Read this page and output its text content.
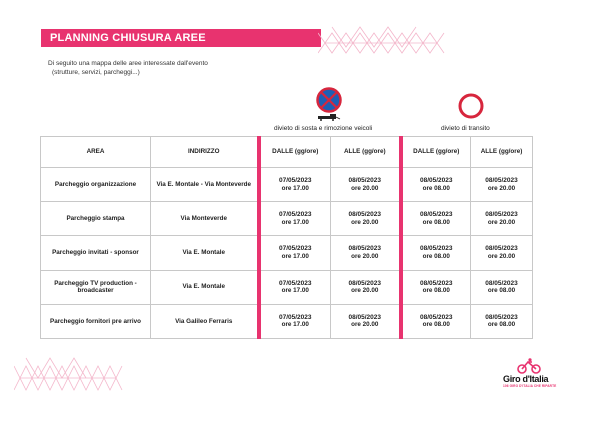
PLANNING CHIUSURA AREE
Di seguito una mappa delle aree interessate dall'evento
(strutture, servizi, parcheggi...)
divieto di sosta e rimozione veicoli	divieto di transito
AREA	INDIRIZZO	DALLE (gg/ore)	ALLE (gg/ore)	DALLE (gg/ore)	ALLE (gg/ore)
Parcheggio organizzazione	Via E. Montale - Via Monteverde	07/05/2023
ore 17.00	08/05/2023
ore 20.00	08/05/2023
ore 08.00	08/05/2023
ore 20.00

Parcheggio stampa	Via Monteverde	07/05/2023
ore 17.00	08/05/2023
ore 20.00	08/05/2023
ore 08.00	08/05/2023
ore 20.00

Parcheggio invitati - sponsor	Via E. Montale	07/05/2023
ore 17.00	08/05/2023
ore 20.00	08/05/2023
ore 08.00	08/05/2023
ore 20.00

Parcheggio TV production - broadcaster	Via E. Montale	07/05/2023
ore 17.00	08/05/2023
ore 20.00	08/05/2023
ore 08.00	08/05/2023
ore 08.00

Parcheggio fornitori pre arrivo	Via Galileo Ferraris	07/05/2023
ore 17.00	08/05/2023
ore 20.00	08/05/2023
ore 08.00	08/05/2023
ore 08.00
Giro d'Italia
106 GIRO D'ITALIA CHE RIPARTE
